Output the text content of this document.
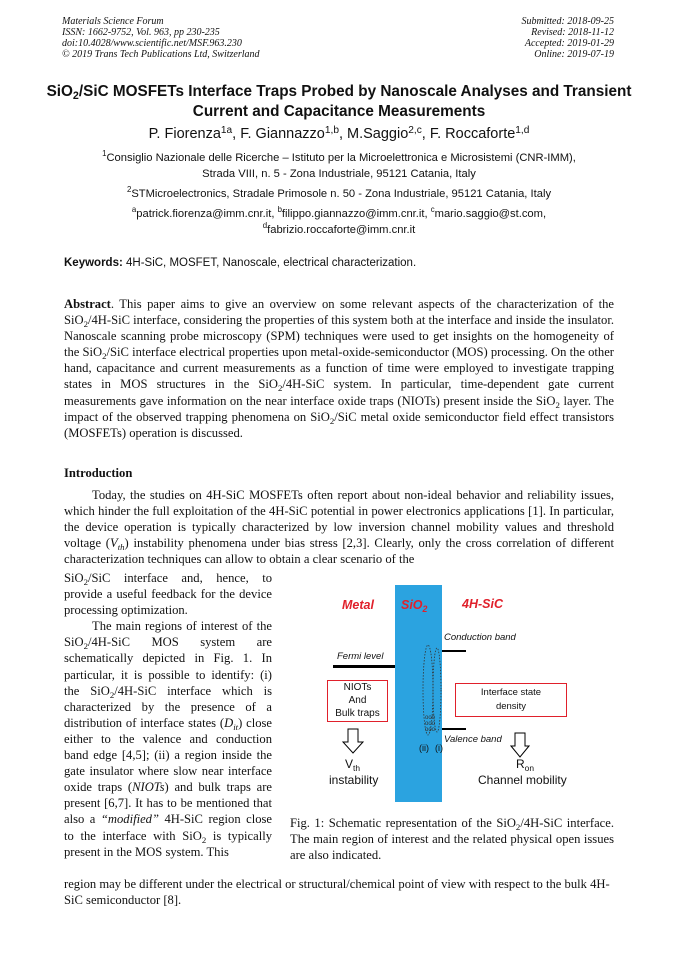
Materials Science Forum
ISSN: 1662-9752, Vol. 963, pp 230-235
doi:10.4028/www.scientific.net/MSF.963.230
© 2019 Trans Tech Publications Ltd, Switzerland
Submitted: 2018-09-25
Revised: 2018-11-12
Accepted: 2019-01-29
Online: 2019-07-19
SiO$_2$/SiC MOSFETs Interface Traps Probed by Nanoscale Analyses and Transient Current and Capacitance Measurements
P. Fiorenza$^{1a}$, F. Giannazzo$^{1,b}$, M.Saggio$^{2,c}$, F. Roccaforte$^{1,d}$
$^1$Consiglio Nazionale delle Ricerche – Istituto per la Microelettronica e Microsistemi (CNR-IMM),
Strada VIII, n. 5 - Zona Industriale, 95121 Catania, Italy
$^2$STMicroelectronics, Stradale Primosole n. 50 - Zona Industriale, 95121 Catania, Italy
$^a$patrick.fiorenza@imm.cnr.it, $^b$filippo.giannazzo@imm.cnr.it, $^c$mario.saggio@st.com,
$^d$fabrizio.roccaforte@imm.cnr.it
Keywords: 4H-SiC, MOSFET, Nanoscale, electrical characterization.
Abstract. This paper aims to give an overview on some relevant aspects of the characterization of the SiO$_2$/4H-SiC interface, considering the properties of this system both at the interface and inside the insulator. Nanoscale scanning probe microscopy (SPM) techniques were used to get insights on the homogeneity of the SiO$_2$/SiC interface electrical properties upon metal-oxide-semiconductor (MOS) processing. On the other hand, capacitance and current measurements as a function of time were employed to investigate trapping states in MOS structures in the SiO$_2$/4H-SiC system. In particular, time-dependent gate current measurements gave information on the near interface oxide traps (NIOTs) present inside the SiO$_2$ layer. The impact of the observed trapping phenomena on SiO$_2$/SiC metal oxide semiconductor field effect transistors (MOSFETs) operation is discussed.
Introduction
Today, the studies on 4H-SiC MOSFETs often report about non-ideal behavior and reliability issues, which hinder the full exploitation of the 4H-SiC potential in power electronics applications [1]. In particular, the device operation is typically characterized by low inversion channel mobility values and threshold voltage $(V_{th})$ instability phenomena under bias stress [2,3]. Clearly, only the cross correlation of different characterization techniques can allow to obtain a clear scenario of the

SiO$_2$/SiC interface and, hence, to provide a useful feedback for the device processing optimization.

The main regions of interest of the SiO$_2$/4H-SiC MOS system are schematically depicted in Fig. 1. In particular, it is possible to identify: (i) the SiO$_2$/4H-SiC interface which is characterized by the presence of a distribution of interface states $(D_{it})$ close either to the valence and conduction band edge [4,5]; (ii) a region inside the gate insulator where slow near interface oxide traps (NIOTs) and bulk traps are present [6,7]. It has to be mentioned that also a “modified” 4H-SiC region close to the interface with SiO$_2$ is typically present in the MOS system. This

Metal SiO$_2$	4H-SiC
Conduction band
Fermi level
Valence band
ooo
ooo
ooo
(ii) (i)
NIOTs
And
Bulk traps
Interface state
density
$V_{th}$
instability
$R_{on}$
Channel mobility
Fig. 1: Schematic representation of the SiO$_2$/4H-SiC interface. The main region of interest and the related physical open issues are also indicated.
region may be different under the electrical or structural/chemical point of view with respect to the bulk 4H-SiC semiconductor [8].
